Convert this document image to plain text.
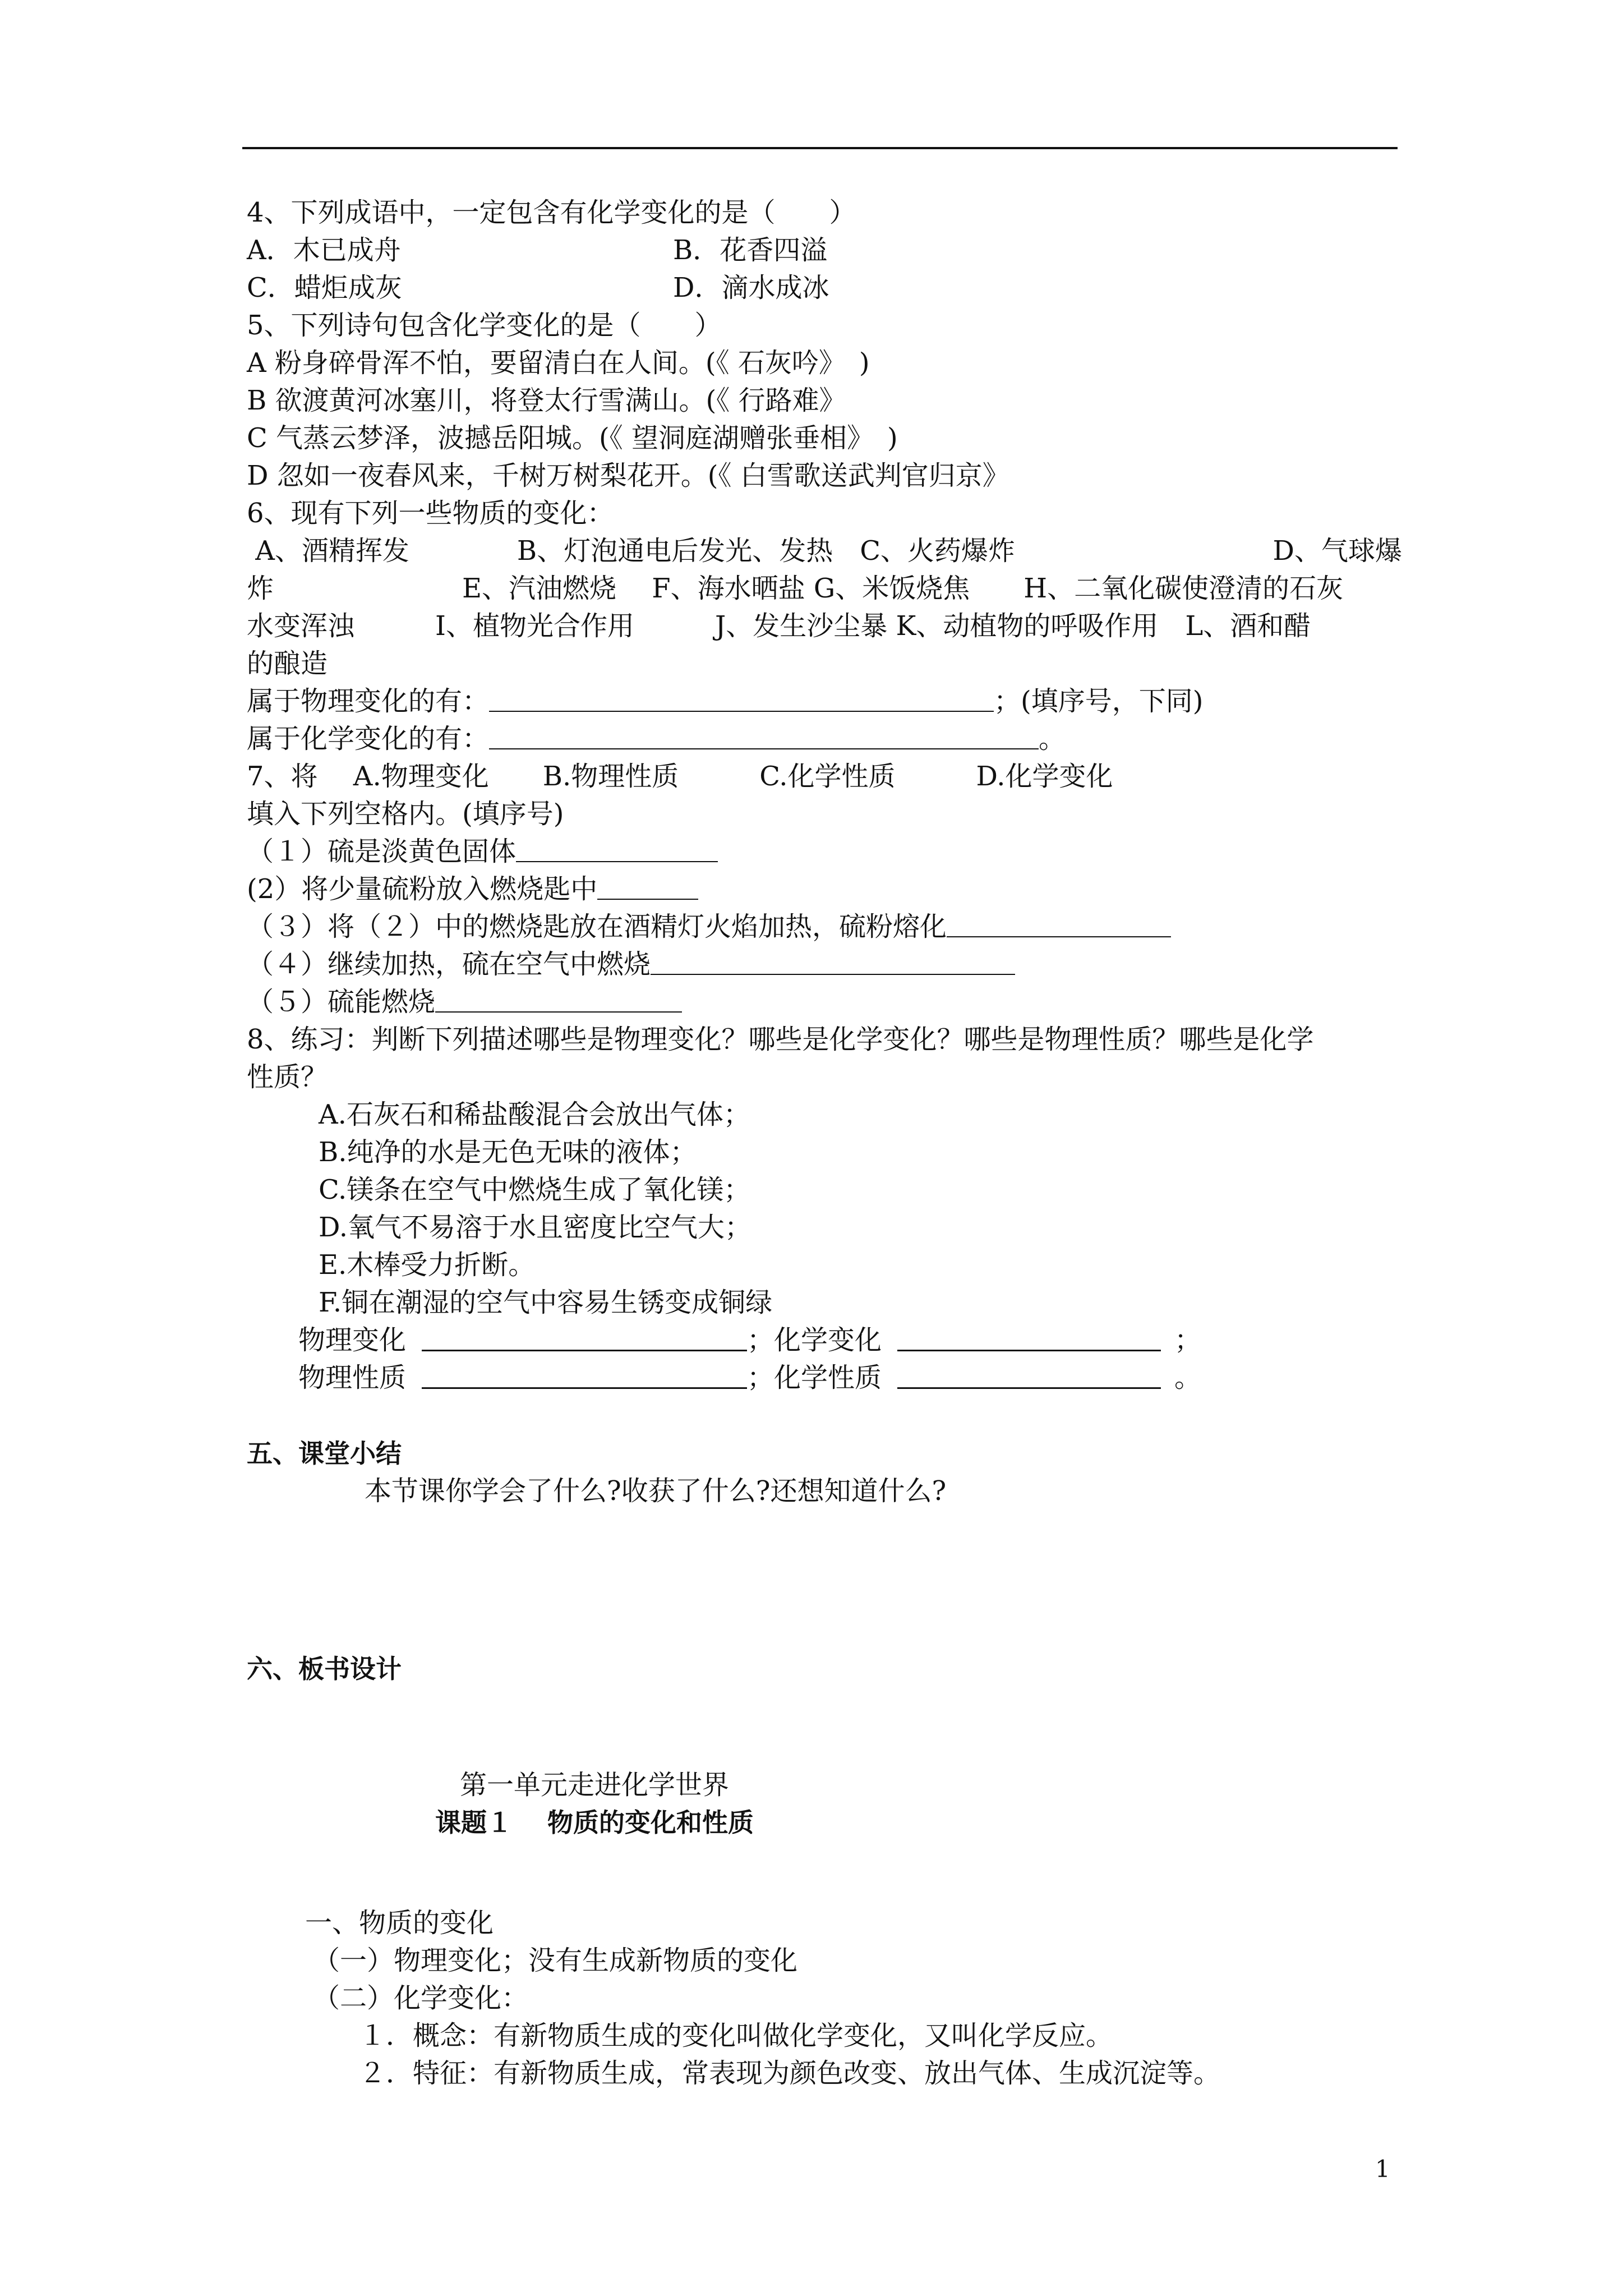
4、下列成语中，一定包含有化学变化的是（　　）
A．木已成舟	B．花香四溢
C．蜡炬成灰	D．滴水成冰
5、下列诗句包含化学变化的是（　　）
A 粉身碎骨浑不怕，要留清白在人间。(《 石灰吟》　)
B 欲渡黄河冰塞川，将登太行雪满山。(《 行路难》
C 气蒸云梦泽，波撼岳阳城。(《 望洞庭湖赠张垂相》　)
D 忽如一夜春风来，千树万树梨花开。(《 白雪歌送武判官归京》
6、现有下列一些物质的变化：
A、酒精挥发　　　　B、灯泡通电后发光、发热　C、火药爆炸	D、气球爆
炸　　　　　　　E、汽油燃烧　 F、海水晒盐 G、米饭烧焦　　H、二氧化碳使澄清的石灰
水变浑浊　　　I、植物光合作用　　　J、发生沙尘暴 K、动植物的呼吸作用　L、酒和醋
的酿造
属于物理变化的有：	；(填序号，下同)
属于化学变化的有：	。
7、将　 A.物理变化　　B.物理性质　　　C.化学性质　　　D.化学变化
填入下列空格内。(填序号)
（１）硫是淡黄色固体
(2）将少量硫粉放入燃烧匙中
（３）将（２）中的燃烧匙放在酒精灯火焰加热，硫粉熔化
（４）继续加热，硫在空气中燃烧
（５）硫能燃烧
8、练习：判断下列描述哪些是物理变化？哪些是化学变化？哪些是物理性质？哪些是化学
性质？
A.石灰石和稀盐酸混合会放出气体；
B.纯净的水是无色无味的液体；
C.镁条在空气中燃烧生成了氧化镁；
D.氧气不易溶于水且密度比空气大；
E.木棒受力折断。
F.铜在潮湿的空气中容易生锈变成铜绿
物理变化	；化学变化	；
物理性质	；化学性质	。
五、课堂小结
本节课你学会了什么?收获了什么?还想知道什么?
六、板书设计
第一单元走进化学世界
课题１　 物质的变化和性质
一、物质的变化
（一）物理变化；没有生成新物质的变化
（二）化学变化：
１．概念：有新物质生成的变化叫做化学变化，又叫化学反应。
２．特征：有新物质生成，常表现为颜色改变、放出气体、生成沉淀等。
1
